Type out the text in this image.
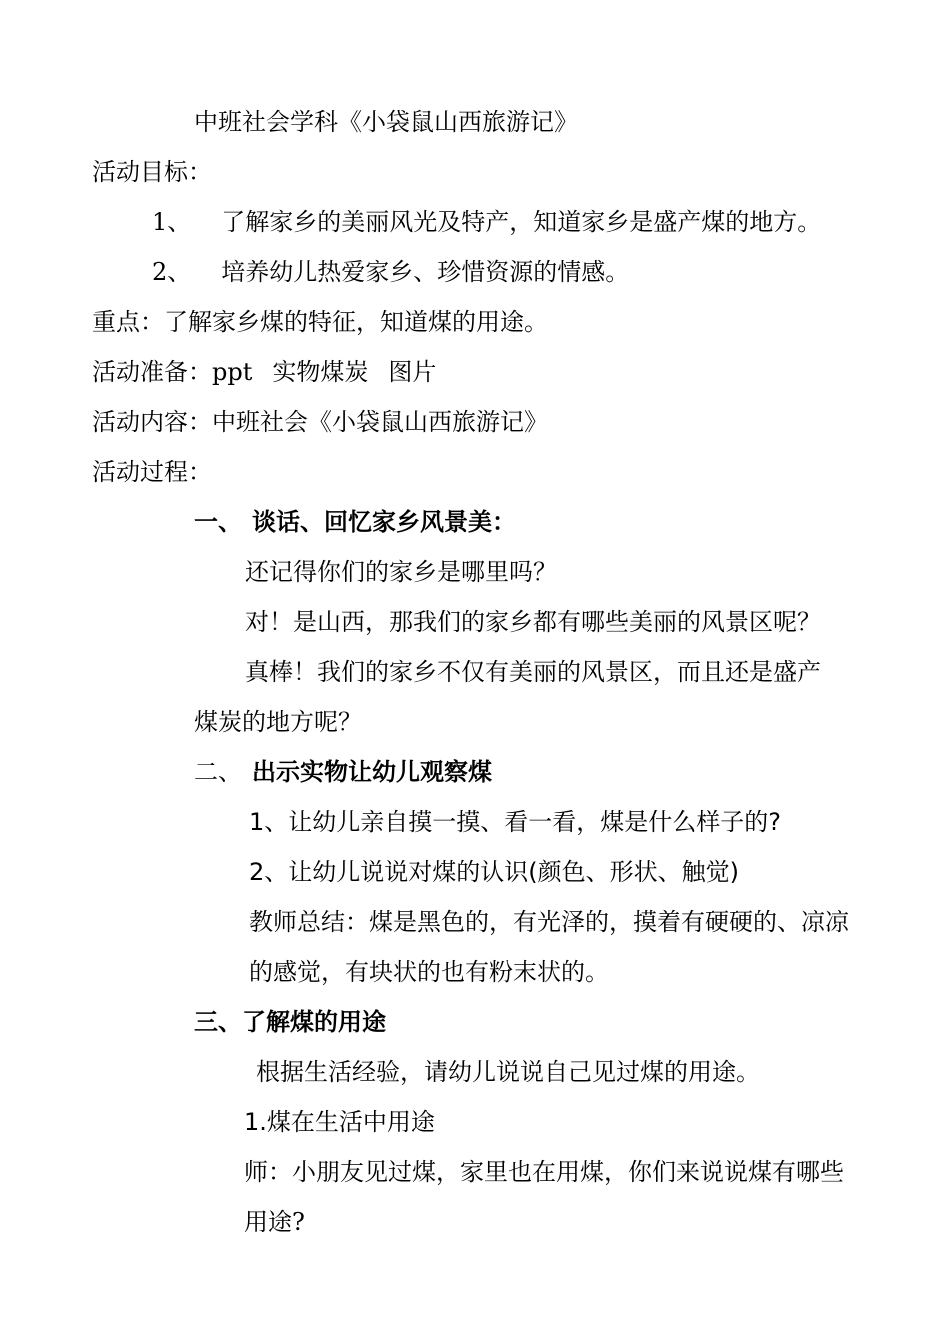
中班社会学科《小袋鼠山西旅游记》
活动目标：
1、 了解家乡的美丽风光及特产，知道家乡是盛产煤的地方。
2、 培养幼儿热爱家乡、珍惜资源的情感。
重点：了解家乡煤的特征，知道煤的用途。
活动准备：ppt 实物煤炭 图片
活动内容：中班社会《小袋鼠山西旅游记》
活动过程：
一、 谈话、回忆家乡风景美：
还记得你们的家乡是哪里吗？
对！是山西，那我们的家乡都有哪些美丽的风景区呢？
真棒！我们的家乡不仅有美丽的风景区，而且还是盛产
煤炭的地方呢？
二、 出示实物让幼儿观察煤
1、让幼儿亲自摸一摸、看一看，煤是什么样子的?
2、让幼儿说说对煤的认识(颜色、形状、触觉)
教师总结：煤是黑色的，有光泽的，摸着有硬硬的、凉凉
的感觉，有块状的也有粉末状的。
三、了解煤的用途
根据生活经验，请幼儿说说自己见过煤的用途。
1.煤在生活中用途
师：小朋友见过煤，家里也在用煤，你们来说说煤有哪些
用途?
